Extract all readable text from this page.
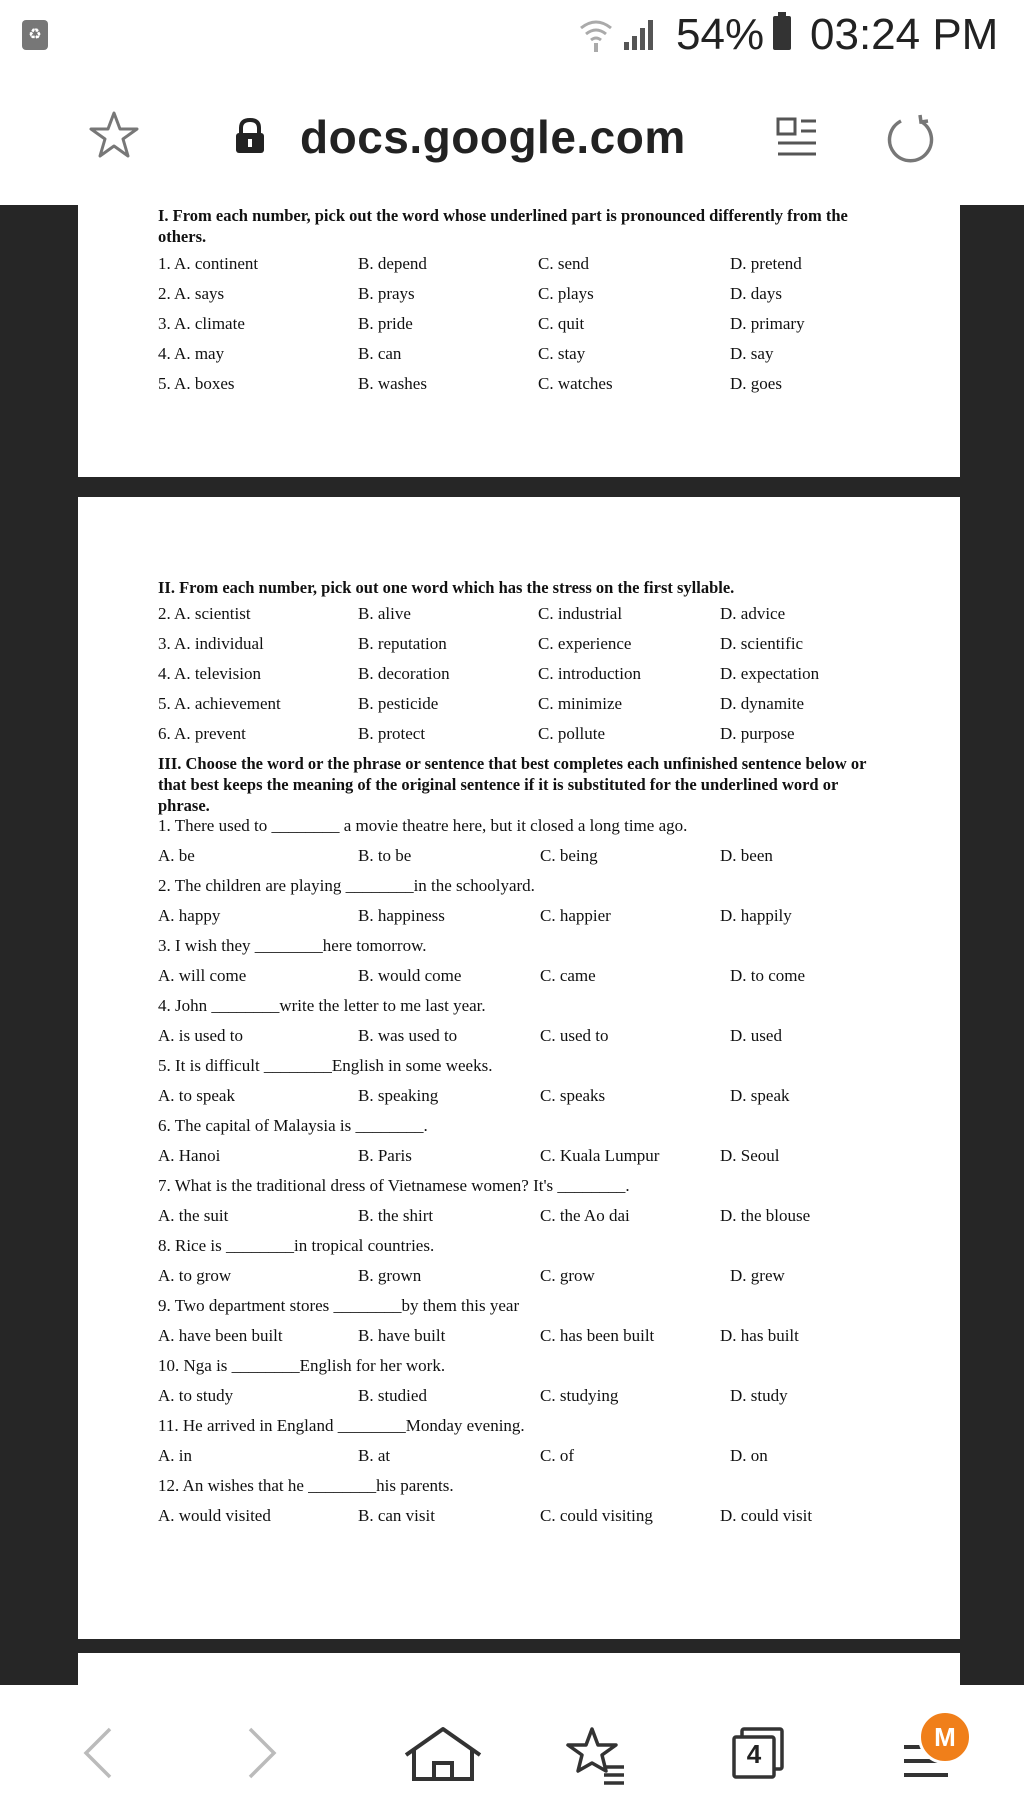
♻	54% 03:24 PM
docs.google.com
I. From each number, pick out the word whose underlined part is pronounced differently from the others.
1. A. continent	B. depend	C. send	D. pretend
2. A. says	B. prays	C. plays	D. days
3. A. climate	B. pride	C. quit	D. primary
4. A. may	B. can	C. stay	D. say
5. A. boxes	B. washes	C. watches	D. goes
II. From each number, pick out one word which has the stress on the first syllable.
2. A. scientist	B. alive	C. industrial	D. advice
3. A. individual	B. reputation	C. experience	D. scientific
4. A. television	B. decoration	C. introduction	D. expectation
5. A. achievement	B. pesticide	C. minimize	D. dynamite
6. A. prevent	B. protect	C. pollute	D. purpose
III. Choose the word or the phrase or sentence that best completes each unfinished sentence below or that best keeps the meaning of the original sentence if it is substituted for the underlined word or phrase.
1. There used to ________ a movie theatre here, but it closed a long time ago.
A. be	B. to be	C. being	D. been
2. The children are playing ________in the schoolyard.
A. happy	B. happiness	C. happier	D. happily
3. I wish they ________here tomorrow.
A. will come	B. would come	C. came	D. to come
4. John ________write the letter to me last year.
A. is used to	B. was used to	C. used to	D. used
5. It is difficult ________English in some weeks.
A. to speak	B. speaking	C. speaks	D. speak
6. The capital of Malaysia is ________.
A. Hanoi	B. Paris	C. Kuala Lumpur	D. Seoul
7. What is the traditional dress of Vietnamese women? It's ________.
A. the suit	B. the shirt	C. the Ao dai	D. the blouse
8. Rice is ________in tropical countries.
A. to grow	B. grown	C. grow	D. grew
9. Two department stores ________by them this year
A. have been built	B. have built	C. has been built	D. has built
10. Nga is ________English for her work.
A. to study	B. studied	C. studying	D. study
11. He arrived in England ________Monday evening.
A. in	B. at	C. of	D. on
12. An wishes that he ________his parents.
A. would visited	B. can visit	C. could visiting	D. could visit
4
M
